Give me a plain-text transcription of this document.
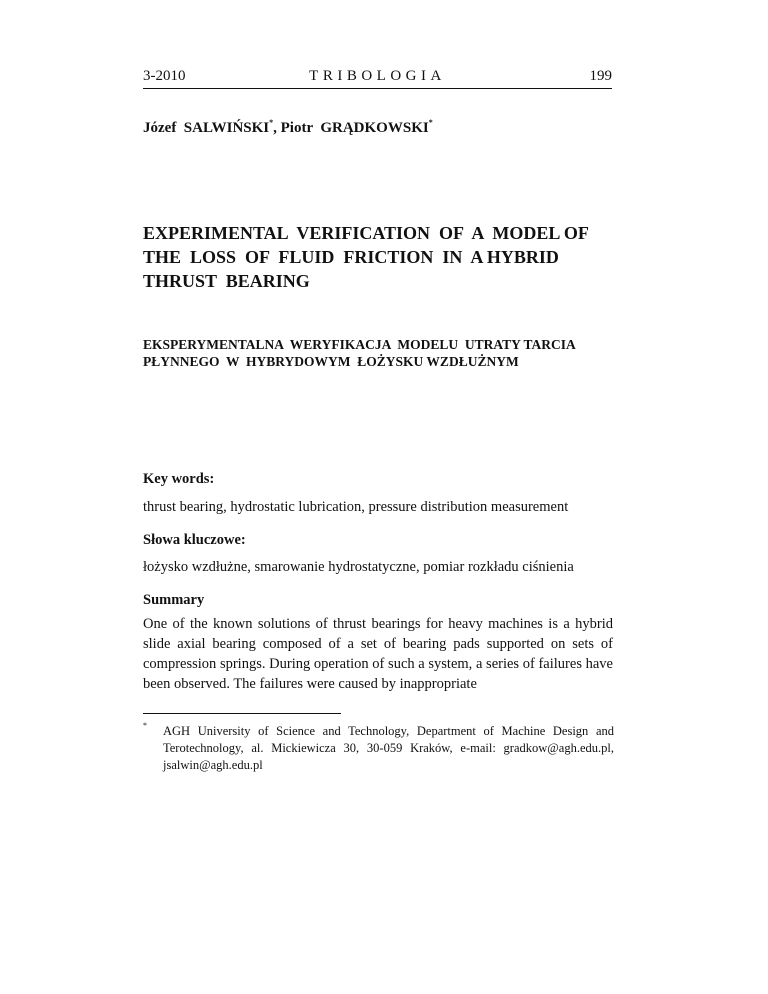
3-2010	TRIBOLOGIA	199
Józef  SALWIŃSKI*, Piotr  GRĄDKOWSKI*
EXPERIMENTAL  VERIFICATION  OF  A  MODEL OF  THE  LOSS  OF  FLUID  FRICTION  IN  A HYBRID  THRUST  BEARING
EKSPERYMENTALNA  WERYFIKACJA  MODELU  UTRATY TARCIA PŁYNNEGO  W  HYBRYDOWYM  ŁOŻYSKU WZDŁUŻNYM
Key words:

thrust bearing, hydrostatic lubrication, pressure distribution measurement

Słowa kluczowe:

łożysko wzdłużne, smarowanie hydrostatyczne, pomiar rozkładu ciśnienia

Summary

One of the known solutions of thrust bearings for heavy machines is a hybrid slide axial bearing composed of a set of bearing pads supported on sets of compression springs. During operation of such a system, a series of failures have been observed. The failures were caused by inappropriate

* AGH University of Science and Technology, Department of Machine Design and Terotechnology, al. Mickiewicza 30, 30-059 Kraków, e-mail: gradkow@agh.edu.pl, jsalwin@agh.edu.pl
